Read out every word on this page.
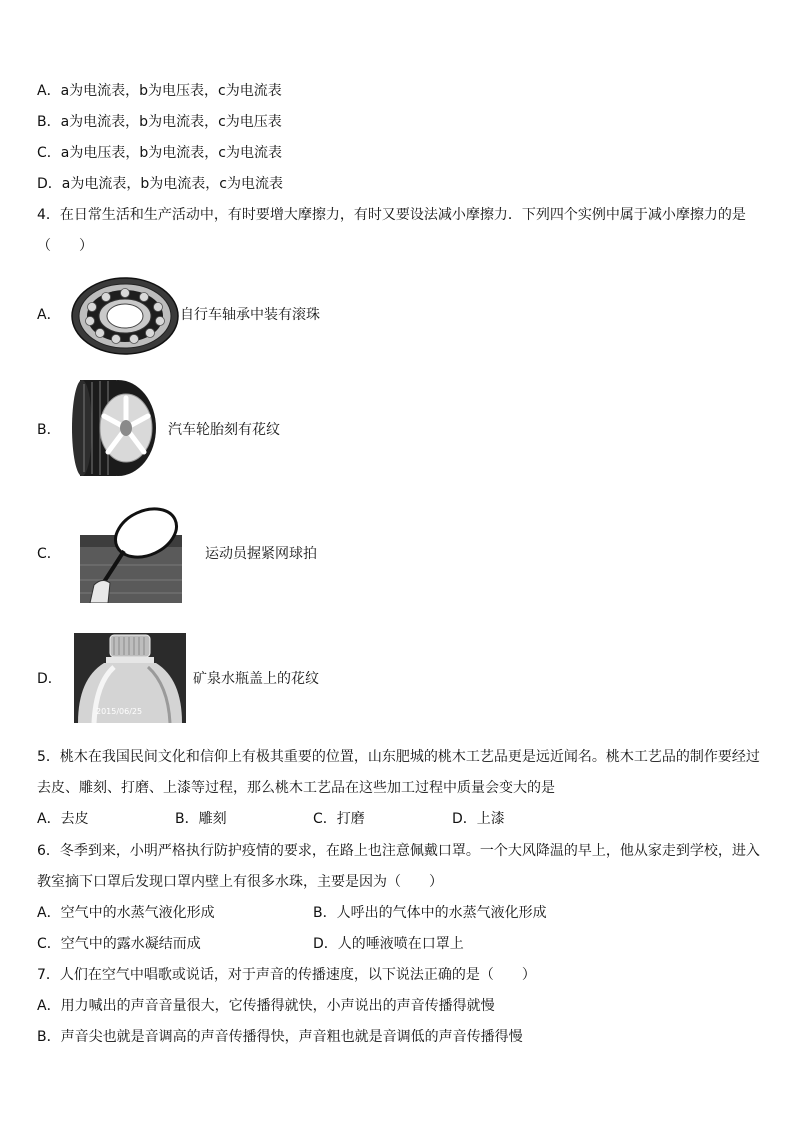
A．a为电流表，b为电压表，c为电流表
B．a为电流表，b为电流表，c为电压表
C．a为电压表，b为电流表，c为电流表
D．a为电流表，b为电流表，c为电流表
4．在日常生活和生产活动中，有时要增大摩擦力，有时又要设法减小摩擦力．下列四个实例中属于减小摩擦力的是
（　　）
A．	自行车轴承中装有滚珠
B．	汽车轮胎刻有花纹
C．	运动员握紧网球拍
D．
2015/06/25
矿泉水瓶盖上的花纹
5．桃木在我国民间文化和信仰上有极其重要的位置，山东肥城的桃木工艺品更是远近闻名。桃木工艺品的制作要经过
去皮、雕刻、打磨、上漆等过程，那么桃木工艺品在这些加工过程中质量会变大的是
A．去皮	B．雕刻	C．打磨	D．上漆
6．冬季到来，小明严格执行防护疫情的要求，在路上也注意佩戴口罩。一个大风降温的早上，他从家走到学校，进入
教室摘下口罩后发现口罩内壁上有很多水珠，主要是因为（　　）
A．空气中的水蒸气液化形成	B．人呼出的气体中的水蒸气液化形成
C．空气中的露水凝结而成	D．人的唾液喷在口罩上
7．人们在空气中唱歌或说话，对于声音的传播速度，以下说法正确的是（　　）
A．用力喊出的声音音量很大，它传播得就快，小声说出的声音传播得就慢
B．声音尖也就是音调高的声音传播得快，声音粗也就是音调低的声音传播得慢
